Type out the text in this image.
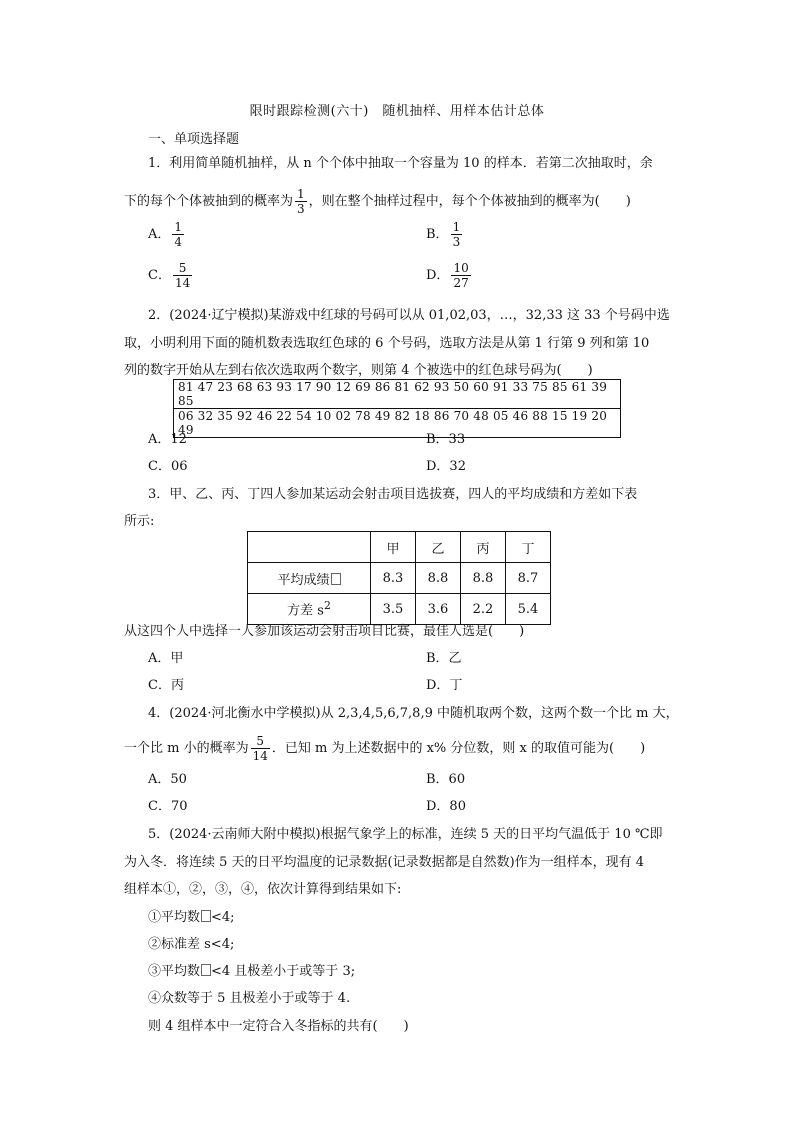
限时跟踪检测(六十)　随机抽样、用样本估计总体
一、单项选择题
1．利用简单随机抽样，从 n 个个体中抽取一个容量为 10 的样本．若第二次抽取时，余
下的每个个体被抽到的概率为 $\frac{1}{3}$ ，则在整个抽样过程中，每个个体被抽到的概率为(　　)
A． $\frac{1}{4}$	B． $\frac{1}{3}$
C． $\frac{5}{14}$	D． $\frac{10}{27}$
2．(2024·辽宁模拟)某游戏中红球的号码可以从 01,02,03，…，32,33 这 33 个号码中选
取，小明利用下面的随机数表选取红色球的 6 个号码，选取方法是从第 1 行第 9 列和第 10
列的数字开始从左到右依次选取两个数字，则第 4 个被选中的红色球号码为(　　)
81 47 23 68 63 93 17 90 12 69 86 81 62 93 50 60 91 33 75 85 61 39 85
06 32 35 92 46 22 54 10 02 78 49 82 18 86 70 48 05 46 88 15 19 20 49
A．12	B．33
C．06	D．32
3．甲、乙、丙、丁四人参加某运动会射击项目选拔赛，四人的平均成绩和方差如下表
所示:
	甲	乙	丙	丁
平均成绩	8.3	8.8	8.8	8.7
方差 $s^2$	3.5	3.6	2.2	5.4
从这四个人中选择一人参加该运动会射击项目比赛，最佳人选是(　　)
A．甲	B．乙
C．丙	D．丁
4．(2024·河北衡水中学模拟)从 2,3,4,5,6,7,8,9 中随机取两个数，这两个数一个比 m 大，
一个比 m 小的概率为 $\frac{5}{14}$ ．已知 m 为上述数据中的 x% 分位数，则 x 的取值可能为(　　)
A．50	B．60
C．70	D．80
5．(2024·云南师大附中模拟)根据气象学上的标准，连续 5 天的日平均气温低于 10 ℃即
为入冬．将连续 5 天的日平均温度的记录数据(记录数据都是自然数)作为一组样本，现有 4
组样本①，②，③，④，依次计算得到结果如下:
①平均数 <4;
②标准差 s<4;
③平均数 <4 且极差小于或等于 3;
④众数等于 5 且极差小于或等于 4.
则 4 组样本中一定符合入冬指标的共有(　　)
